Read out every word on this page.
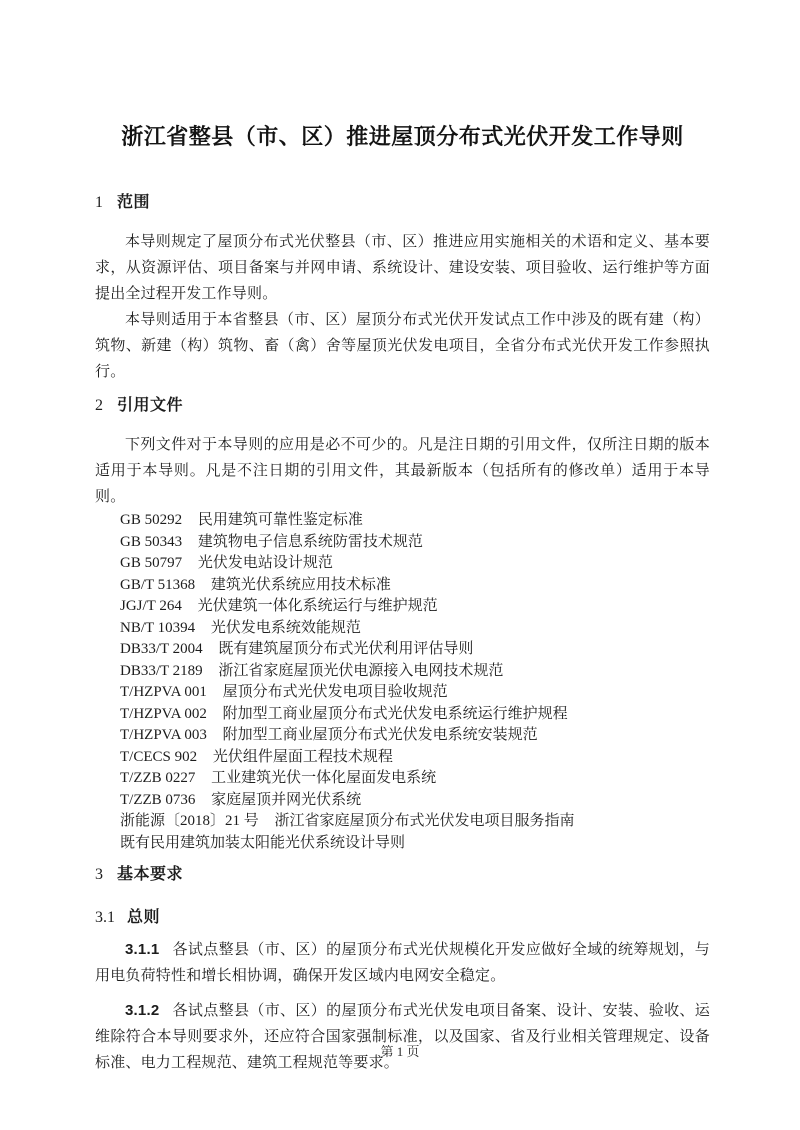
浙江省整县（市、区）推进屋顶分布式光伏开发工作导则
1 范围

本导则规定了屋顶分布式光伏整县（市、区）推进应用实施相关的术语和定义、基本要求，从资源评估、项目备案与并网申请、系统设计、建设安装、项目验收、运行维护等方面提出全过程开发工作导则。

本导则适用于本省整县（市、区）屋顶分布式光伏开发试点工作中涉及的既有建（构）筑物、新建（构）筑物、畜（禽）舍等屋顶光伏发电项目，全省分布式光伏开发工作参照执行。

2 引用文件

下列文件对于本导则的应用是必不可少的。凡是注日期的引用文件，仅所注日期的版本适用于本导则。凡是不注日期的引用文件，其最新版本（包括所有的修改单）适用于本导则。

GB 50292 民用建筑可靠性鉴定标准
GB 50343 建筑物电子信息系统防雷技术规范
GB 50797 光伏发电站设计规范
GB/T 51368 建筑光伏系统应用技术标准
JGJ/T 264 光伏建筑一体化系统运行与维护规范
NB/T 10394 光伏发电系统效能规范
DB33/T 2004 既有建筑屋顶分布式光伏利用评估导则
DB33/T 2189 浙江省家庭屋顶光伏电源接入电网技术规范
T/HZPVA 001 屋顶分布式光伏发电项目验收规范
T/HZPVA 002 附加型工商业屋顶分布式光伏发电系统运行维护规程
T/HZPVA 003 附加型工商业屋顶分布式光伏发电系统安装规范
T/CECS 902 光伏组件屋面工程技术规程
T/ZZB 0227 工业建筑光伏一体化屋面发电系统
T/ZZB 0736 家庭屋顶并网光伏系统
浙能源〔2018〕21 号 浙江省家庭屋顶分布式光伏发电项目服务指南
既有民用建筑加装太阳能光伏系统设计导则
3 基本要求
3.1 总则

3.1.1 各试点整县（市、区）的屋顶分布式光伏规模化开发应做好全域的统筹规划，与用电负荷特性和增长相协调，确保开发区域内电网安全稳定。

3.1.2 各试点整县（市、区）的屋顶分布式光伏发电项目备案、设计、安装、验收、运维除符合本导则要求外，还应符合国家强制标准，以及国家、省及行业相关管理规定、设备标准、电力工程规范、建筑工程规范等要求。

第 1 页
